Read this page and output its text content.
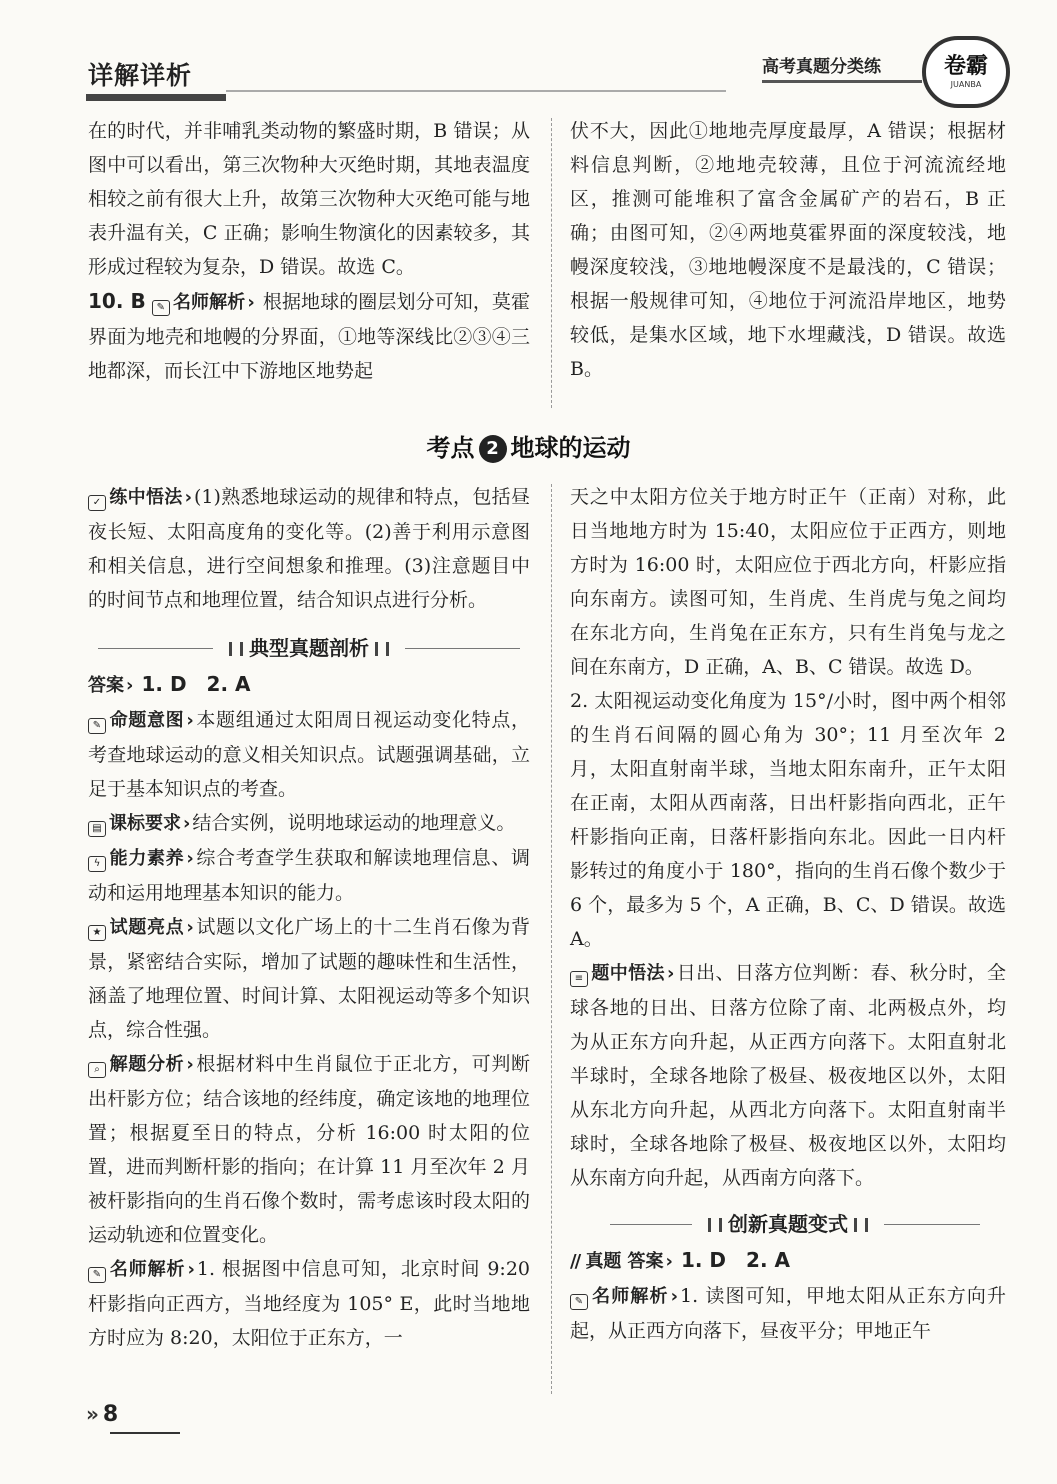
详解详析	高考真题分类练	卷霸
JUANBA

在的时代，并非哺乳类动物的繁盛时期，B 错误；从图中可以看出，第三次物种大灭绝时期，其地表温度相较之前有很大上升，故第三次物种大灭绝可能与地表升温有关，C 正确；影响生物演化的因素较多，其形成过程较为复杂，D 错误。故选 C。

10. B ✎ 名师解析 › 根据地球的圈层划分可知，莫霍界面为地壳和地幔的分界面，①地等深线比②③④三地都深，而长江中下游地区地势起

伏不大，因此①地地壳厚度最厚，A 错误；根据材料信息判断，②地地壳较薄，且位于河流流经地区，推测可能堆积了富含金属矿产的岩石，B 正确；由图可知，②④两地莫霍界面的深度较浅，地幔深度较浅，③地地幔深度不是最浅的，C 错误；根据一般规律可知，④地位于河流沿岸地区，地势较低，是集水区域，地下水埋藏浅，D 错误。故选 B。

考点 2 地球的运动

✓ 练中悟法 › (1)熟悉地球运动的规律和特点，包括昼夜长短、太阳高度角的变化等。(2)善于利用示意图和相关信息，进行空间想象和推理。(3)注意题目中的时间节点和地理位置，结合知识点进行分析。

典型真题剖析

答案 › 1. D　2. A

✎ 命题意图 › 本题组通过太阳周日视运动变化特点，考查地球运动的意义相关知识点。试题强调基础，立足于基本知识点的考查。

▤ 课标要求 › 结合实例，说明地球运动的地理意义。

ϟ 能力素养 › 综合考查学生获取和解读地理信息、调动和运用地理基本知识的能力。

★ 试题亮点 › 试题以文化广场上的十二生肖石像为背景，紧密结合实际，增加了试题的趣味性和生活性，涵盖了地理位置、时间计算、太阳视运动等多个知识点，综合性强。

⌕ 解题分析 › 根据材料中生肖鼠位于正北方，可判断出杆影方位；结合该地的经纬度，确定该地的地理位置；根据夏至日的特点，分析 16:00 时太阳的位置，进而判断杆影的指向；在计算 11 月至次年 2 月被杆影指向的生肖石像个数时，需考虑该时段太阳的运动轨迹和位置变化。

✎ 名师解析 › 1. 根据图中信息可知，北京时间 9:20 杆影指向正西方，当地经度为 105° E，此时当地地方时应为 8:20，太阳位于正东方，一

天之中太阳方位关于地方时正午（正南）对称，此日当地地方时为 15:40，太阳应位于正西方，则地方时为 16:00 时，太阳应位于西北方向，杆影应指向东南方。读图可知，生肖虎、生肖虎与兔之间均在东北方向，生肖兔在正东方，只有生肖兔与龙之间在东南方，D 正确，A、B、C 错误。故选 D。

2. 太阳视运动变化角度为 15°/小时，图中两个相邻的生肖石间隔的圆心角为 30°；11 月至次年 2 月，太阳直射南半球，当地太阳东南升，正午太阳在正南，太阳从西南落，日出杆影指向西北，正午杆影指向正南，日落杆影指向东北。因此一日内杆影转过的角度小于 180°，指向的生肖石像个数少于 6 个，最多为 5 个，A 正确，B、C、D 错误。故选 A。

≡ 题中悟法 › 日出、日落方位判断：春、秋分时，全球各地的日出、日落方位除了南、北两极点外，均为从正东方向升起，从正西方向落下。太阳直射北半球时，全球各地除了极昼、极夜地区以外，太阳从东北方向升起，从西北方向落下。太阳直射南半球时，全球各地除了极昼、极夜地区以外，太阳均从东南方向升起，从西南方向落下。

创新真题变式

// 真题 答案 › 1. D　2. A

✎ 名师解析 › 1. 读图可知，甲地太阳从正东方向升起，从正西方向落下，昼夜平分；甲地正午

» 8
